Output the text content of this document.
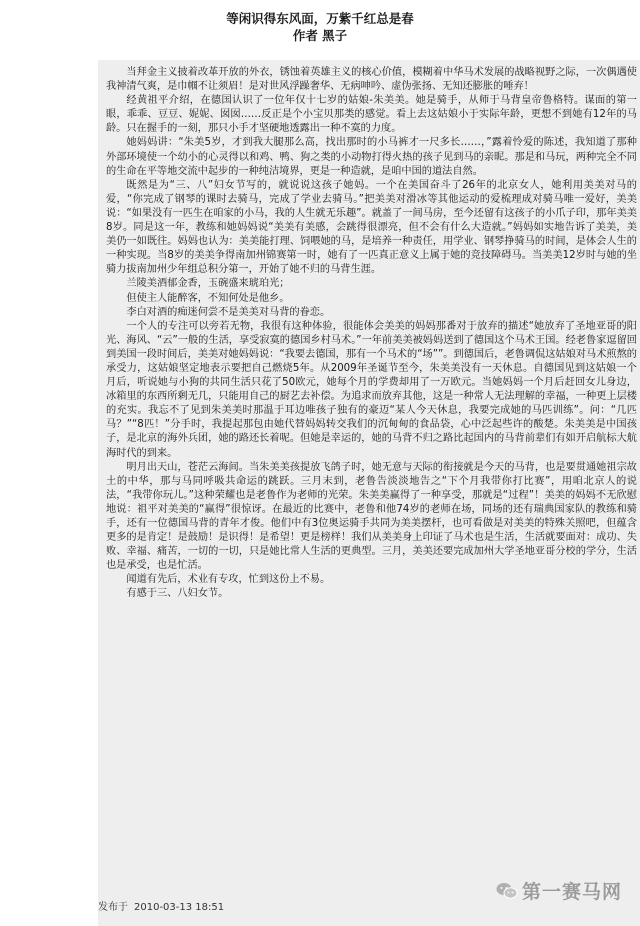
等闲识得东风面，万紫千红总是春
作者 黑子

当拜金主义披着改革开放的外衣，锈蚀着英雄主义的核心价值，模糊着中华马术发展的战略视野之际，一次偶遇使我神清气爽，是巾帼不让须眉！是对世风浮躁奢华、无病呻吟、虚伪张扬、无知还膨胀的唾弃！

经黄祖平介绍，在德国认识了一位年仅十七岁的姑娘-朱美美。她是骑手，从师于马背皇帝鲁格特。谋面的第一眼，乖乖、豆豆、妮妮、囡囡……反正是个小宝贝那类的感觉。看上去这姑娘小于实际年龄，更想不到她有12年的马龄。只在握手的一刻，那只小手才坚硬地透露出一种不寞的力度。

她妈妈讲：“朱美5岁，才到我大腿那么高，找出那时的小马裤才一尺多长……，”露着怜爱的陈述，我知道了那种外部环境使一个幼小的心灵得以和鸡、鸭、狗之类的小动物打得火热的孩子见到马的亲昵。那是和马玩，两种完全不同的生命在平等地交流中起步的一种纯洁境界，更是一种造就，是咱中国的道法自然。

既然是为“三、八”妇女节写的，就说说这孩子她妈。一个在美国奋斗了26年的北京女人，她利用美美对马的爱，“你完成了钢琴的课时去骑马，完成了学业去骑马。”把美美对滑冰等其他运动的爱梳理成对骑马唯一爱好，美美说：“如果没有一匹生在咱家的小马，我的人生就无乐趣”。就盖了一间马房，至今还留有这孩子的小爪子印，那年美美8岁。同是这一年，教练和她妈妈说“美美有美感，会跳得很漂亮，但不会有什么大造就。”妈妈如实地告诉了美美，美美仍一如既往。妈妈也认为：美美能打理、饲喂她的马，是培养一种责任，用学业、钢琴挣骑马的时间，是体会人生的一种实现。当8岁的美美争得南加州锦赛第一时，她有了一匹真正意义上属于她的竞技障碍马。当美美12岁时与她的坐骑力拔南加州少年组总积分第一，开始了她不归的马背生涯。

兰陵美酒郁金香，玉碗盛来琥珀光；

但使主人能醉客，不知何处是他乡。

李白对酒的痴迷何尝不是美美对马背的眷恋。

一个人的专注可以旁若无物，我很有这种体验，很能体会美美的妈妈那番对于放弃的描述“她放弃了圣地亚哥的阳光、海风、“云”一般的生活，享受寂寞的德国乡村马术。”一年前美美被妈妈送到了德国这个马术王国。经老鲁家逗留回到美国一段时间后，美美对她妈妈说：“我要去德国，那有一个马术的“场””。到德国后，老鲁调侃这姑娘对马术煎熬的承受力，这姑娘坚定地表示要把自己燃烧5年。从2009年圣诞节至今，朱美美没有一天休息。自德国见到这姑娘一个月后，听说她与小狗的共同生活只花了50欧元，她每个月的学费却用了一万欧元。当她妈妈一个月后赶回女儿身边，冰箱里的东西所剩无几，只能用自己的厨艺去补偿。为追求而放弃其他，这是一种常人无法理解的幸福，一种更上层楼的充实。我忘不了见到朱美美时那温于耳边唯孩子独有的豪迈“某人今天休息，我要完成她的马匹训练”。问：“几匹马？”“8匹！”分手时，我提起那包由她代替妈妈转交我们的沉甸甸的食品袋，心中泛起些许的酸楚。朱美美是中国孩子，是北京的海外兵团，她的路还长着呢。但她是幸运的，她的马背不归之路比起国内的马背前辈们有如开启航标大航海时代的到来。

明月出天山，苍茫云海间。当朱美美孩提放飞鸽子时，她无意与天际的衔接就是今天的马背，也是要贯通她祖宗故土的中华，那与马同呼吸共命运的跳跃。三月末到，老鲁告淡淡地告之“下个月我带你打比赛”，用咱北京人的说法，“我带你玩儿。”这种荣耀也是老鲁作为老师的光荣。朱美美赢得了一种享受，那就是“过程”！美美的妈妈不无欣慰地说：祖平对美美的“赢得”很惊讶。在最近的比赛中，老鲁和他74岁的老师在场，同场的还有瑞典国家队的教练和骑手，还有一位德国马背的青年才俊。他们中有3位奥运骑手共同为美美摆杆，也可看做是对美美的特殊关照吧，但蕴含更多的是肯定！是鼓励！是识得！是希望！更是榜样！我们从美美身上印证了马术也是生活，生活就要面对：成功、失败、幸福、痛苦，一切的一切，只是她比常人生活的更典型。三月，美美还要完成加州大学圣地亚哥分校的学分，生活也是承受，也是忙活。

闻道有先后，术业有专攻，忙到这份上不易。

有感于三、八妇女节。

发布于 2010-03-13 18:51
第一赛马网
